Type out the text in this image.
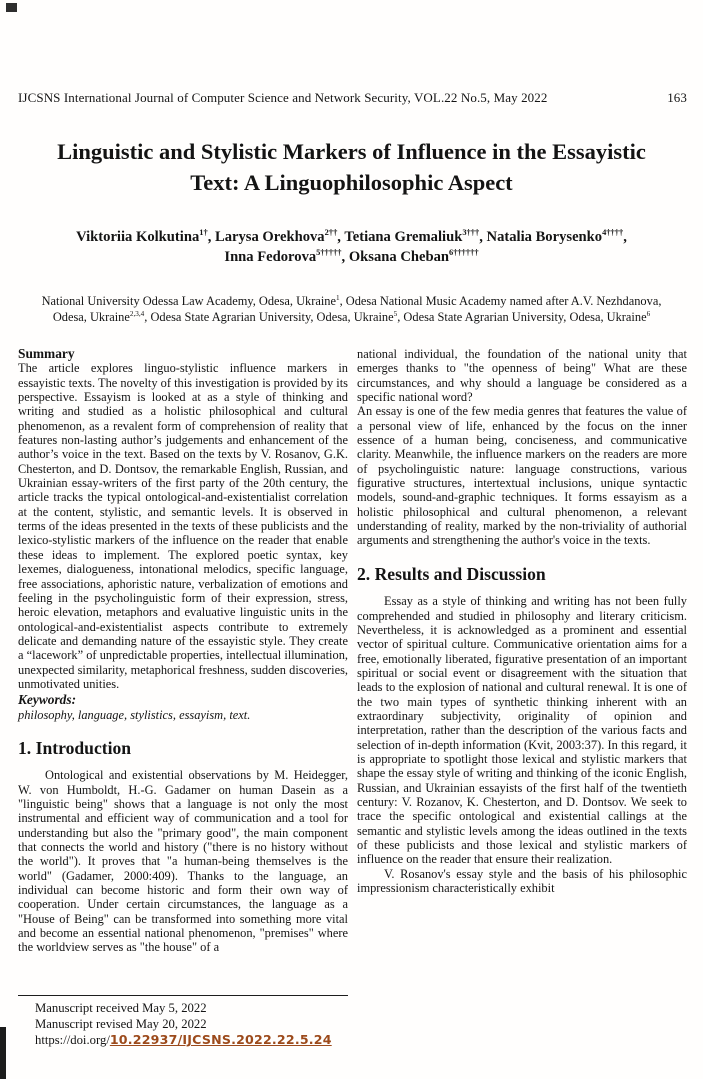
IJCSNS International Journal of Computer Science and Network Security, VOL.22 No.5, May 2022	163
Linguistic and Stylistic Markers of Influence in the Essayistic Text: A Linguophilosophic Aspect
Viktoriia Kolkutina$^{1\dagger}$, Larysa Orekhova$^{2\dagger\dagger}$, Tetiana Gremaliuk$^{3\dagger\dagger\dagger}$, Natalia Borysenko$^{4\dagger\dagger\dagger\dagger}$,
Inna Fedorova$^{5\dagger\dagger\dagger\dagger\dagger}$, Oksana Cheban$^{6\dagger\dagger\dagger\dagger\dagger\dagger}$
National University Odessa Law Academy, Odesa, Ukraine$^1$, Odesa National Music Academy named after A.V. Nezhdanova, Odesa, Ukraine$^{2,3,4}$, Odesa State Agrarian University, Odesa, Ukraine$^5$, Odesa State Agrarian University, Odesa, Ukraine$^6$
Summary
The article explores linguo-stylistic influence markers in essayistic texts. The novelty of this investigation is provided by its perspective. Essayism is looked at as a style of thinking and writing and studied as a holistic philosophical and cultural phenomenon, as a revalent form of comprehension of reality that features non-lasting author’s judgements and enhancement of the author’s voice in the text. Based on the texts by V. Rosanov, G.K. Chesterton, and D. Dontsov, the remarkable English, Russian, and Ukrainian essay-writers of the first party of the 20th century, the article tracks the typical ontological-and-existentialist correlation at the content, stylistic, and semantic levels. It is observed in terms of the ideas presented in the texts of these publicists and the lexico-stylistic markers of the influence on the reader that enable these ideas to implement. The explored poetic syntax, key lexemes, dialogueness, intonational melodics, specific language, free associations, aphoristic nature, verbalization of emotions and feeling in the psycholinguistic form of their expression, stress, heroic elevation, metaphors and evaluative linguistic units in the ontological-and-existentialist aspects contribute to extremely delicate and demanding nature of the essayistic style. They create a “lacework” of unpredictable properties, intellectual illumination, unexpected similarity, metaphorical freshness, sudden discoveries, unmotivated unities.
Keywords:
philosophy, language, stylistics, essayism, text.
1. Introduction
Ontological and existential observations by M. Heidegger, W. von Humboldt, H.-G. Gadamer on human Dasein as a "linguistic being" shows that a language is not only the most instrumental and efficient way of communication and a tool for understanding but also the "primary good", the main component that connects the world and history ("there is no history without the world"). It proves that "a human-being themselves is the world" (Gadamer, 2000:409). Thanks to the language, an individual can become historic and form their own way of cooperation. Under certain circumstances, the language as a "House of Being" can be transformed into something more vital and become an essential national phenomenon, "premises" where the worldview serves as "the house" of a
Manuscript received May 5, 2022
Manuscript revised May 20, 2022
https://doi.org/10.22937/IJCSNS.2022.22.5.24
national individual, the foundation of the national unity that emerges thanks to "the openness of being" What are these circumstances, and why should a language be considered as a specific national word?
An essay is one of the few media genres that features the value of a personal view of life, enhanced by the focus on the inner essence of a human being, conciseness, and communicative clarity. Meanwhile, the influence markers on the readers are more of psycholinguistic nature: language constructions, various figurative structures, intertextual inclusions, unique syntactic models, sound-and-graphic techniques. It forms essayism as a holistic philosophical and cultural phenomenon, a relevant understanding of reality, marked by the non-triviality of authorial arguments and strengthening the author's voice in the texts.
2. Results and Discussion
Essay as a style of thinking and writing has not been fully comprehended and studied in philosophy and literary criticism. Nevertheless, it is acknowledged as a prominent and essential vector of spiritual culture. Communicative orientation aims for a free, emotionally liberated, figurative presentation of an important spiritual or social event or disagreement with the situation that leads to the explosion of national and cultural renewal. It is one of the two main types of synthetic thinking inherent with an extraordinary subjectivity, originality of opinion and interpretation, rather than the description of the various facts and selection of in-depth information (Kvit, 2003:37). In this regard, it is appropriate to spotlight those lexical and stylistic markers that shape the essay style of writing and thinking of the iconic English, Russian, and Ukrainian essayists of the first half of the twentieth century: V. Rozanov, K. Chesterton, and D. Dontsov. We seek to trace the specific ontological and existential callings at the semantic and stylistic levels among the ideas outlined in the texts of these publicists and those lexical and stylistic markers of influence on the reader that ensure their realization.
V. Rosanov's essay style and the basis of his philosophic impressionism characteristically exhibit
